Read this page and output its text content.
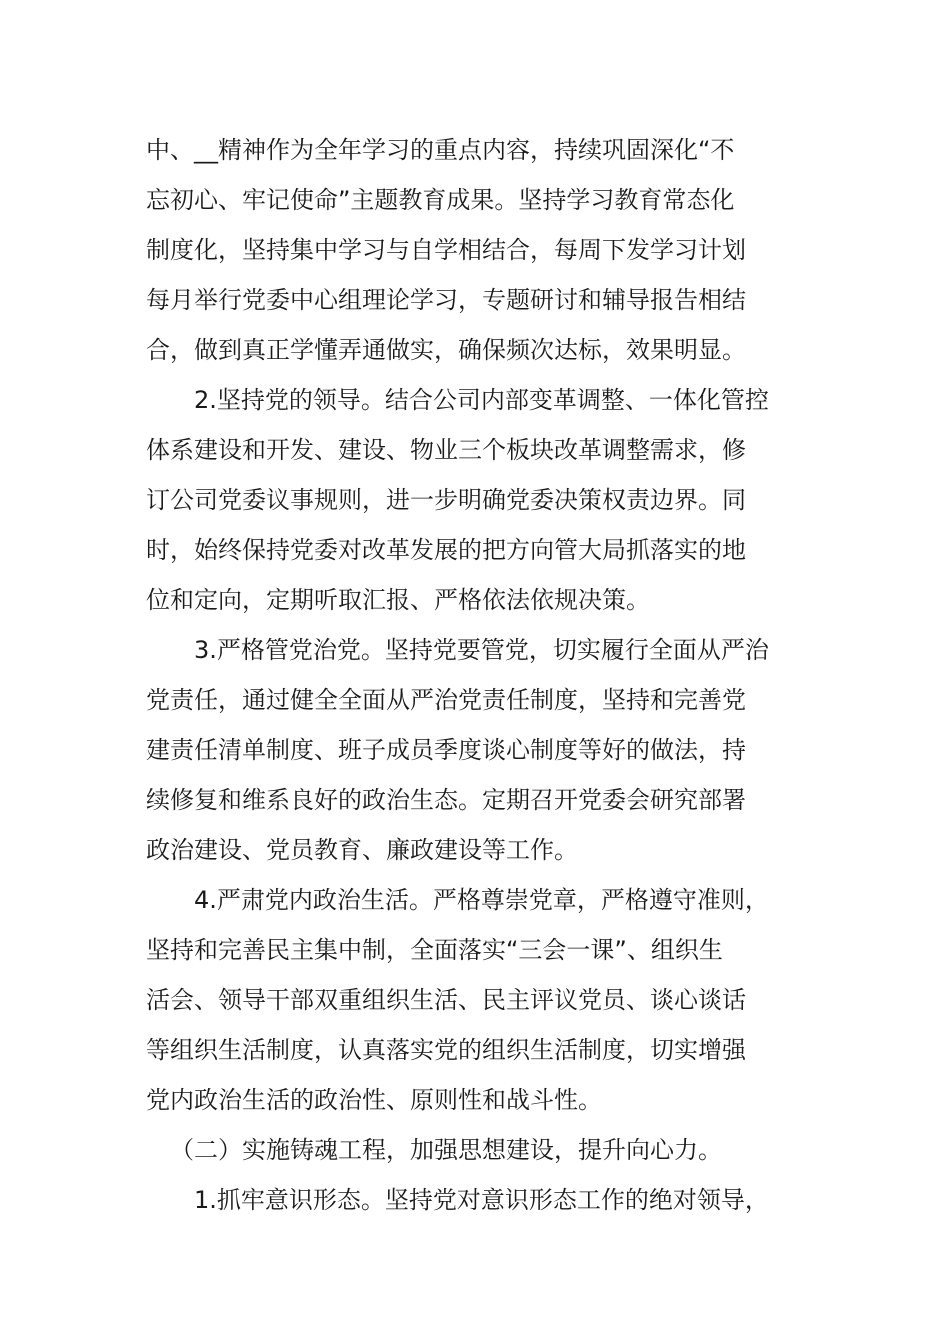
中、__精神作为全年学习的重点内容，持续巩固深化“不
忘初心、牢记使命”主题教育成果。坚持学习教育常态化
制度化，坚持集中学习与自学相结合，每周下发学习计划
每月举行党委中心组理论学习，专题研讨和辅导报告相结
合，做到真正学懂弄通做实，确保频次达标，效果明显。
2.坚持党的领导。结合公司内部变革调整、一体化管控
体系建设和开发、建设、物业三个板块改革调整需求，修
订公司党委议事规则，进一步明确党委决策权责边界。同
时，始终保持党委对改革发展的把方向管大局抓落实的地
位和定向，定期听取汇报、严格依法依规决策。
3.严格管党治党。坚持党要管党，切实履行全面从严治
党责任，通过健全全面从严治党责任制度，坚持和完善党
建责任清单制度、班子成员季度谈心制度等好的做法，持
续修复和维系良好的政治生态。定期召开党委会研究部署
政治建设、党员教育、廉政建设等工作。
4.严肃党内政治生活。严格尊崇党章，严格遵守准则，
坚持和完善民主集中制，全面落实“三会一课”、组织生
活会、领导干部双重组织生活、民主评议党员、谈心谈话
等组织生活制度，认真落实党的组织生活制度，切实增强
党内政治生活的政治性、原则性和战斗性。
（二）实施铸魂工程，加强思想建设，提升向心力。
1.抓牢意识形态。坚持党对意识形态工作的绝对领导，
